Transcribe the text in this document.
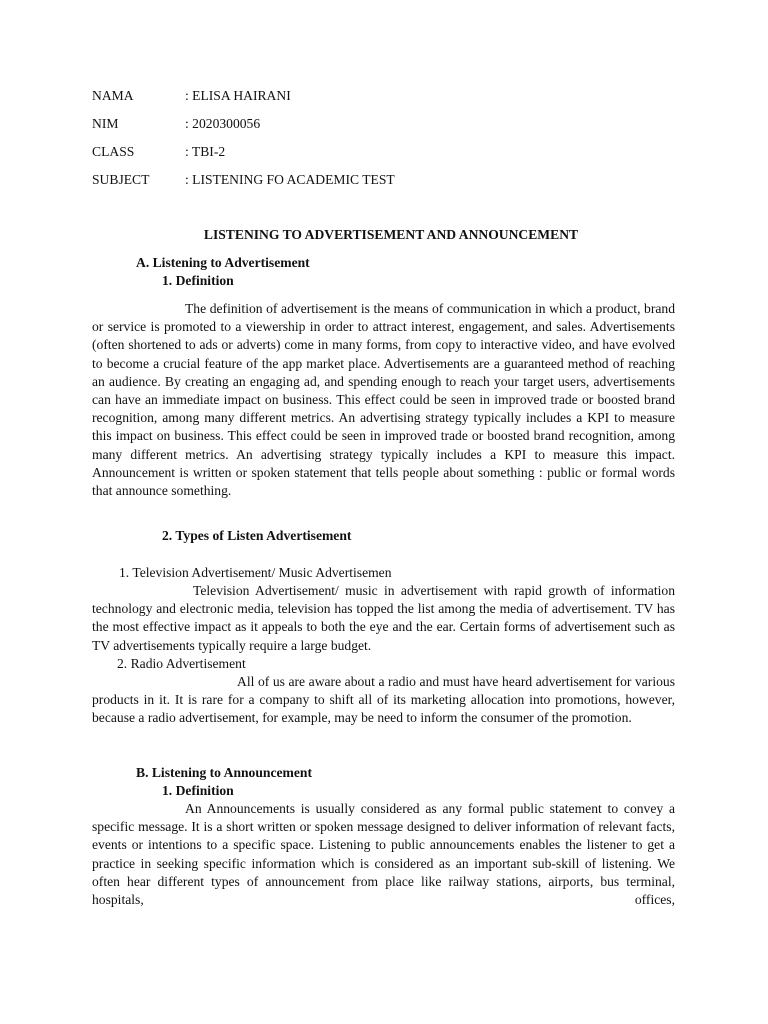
NAMA	: ELISA HAIRANI
NIM	: 2020300056
CLASS	: TBI-2
SUBJECT	: LISTENING FO ACADEMIC TEST
LISTENING TO ADVERTISEMENT AND ANNOUNCEMENT
A. Listening to Advertisement
1. Definition

The definition of advertisement is the means of communication in which a product, brand or service is promoted to a viewership in order to attract interest, engagement, and sales. Advertisements (often shortened to ads or adverts) come in many forms, from copy to interactive video, and have evolved to become a crucial feature of the app market place. Advertisements are a guaranteed method of reaching an audience. By creating an engaging ad, and spending enough to reach your target users, advertisements can have an immediate impact on business. This effect could be seen in improved trade or boosted brand recognition, among many different metrics. An advertising strategy typically includes a KPI to measure this impact on business. This effect could be seen in improved trade or boosted brand recognition, among many different metrics. An advertising strategy typically includes a KPI to measure this impact. Announcement is written or spoken statement that tells people about something : public or formal words that announce something.

2. Types of Listen Advertisement
1. Television Advertisement/ Music Advertisemen

Television Advertisement/ music in advertisement with rapid growth of information technology and electronic media, television has topped the list among the media of advertisement. TV has the most effective impact as it appeals to both the eye and the ear. Certain forms of advertisement such as TV advertisements typically require a large budget.

2. Radio Advertisement

All of us are aware about a radio and must have heard advertisement for various products in it. It is rare for a company to shift all of its marketing allocation into promotions, however, because a radio advertisement, for example, may be need to inform the consumer of the promotion.

B. Listening to Announcement
1. Definition

An Announcements is usually considered as any formal public statement to convey a specific message. It is a short written or spoken message designed to deliver information of relevant facts, events or intentions to a specific space. Listening to public announcements enables the listener to get a practice in seeking specific information which is considered as an important sub-skill of listening. We often hear different types of announcement from place like railway stations, airports, bus terminal, hospitals, offices,
